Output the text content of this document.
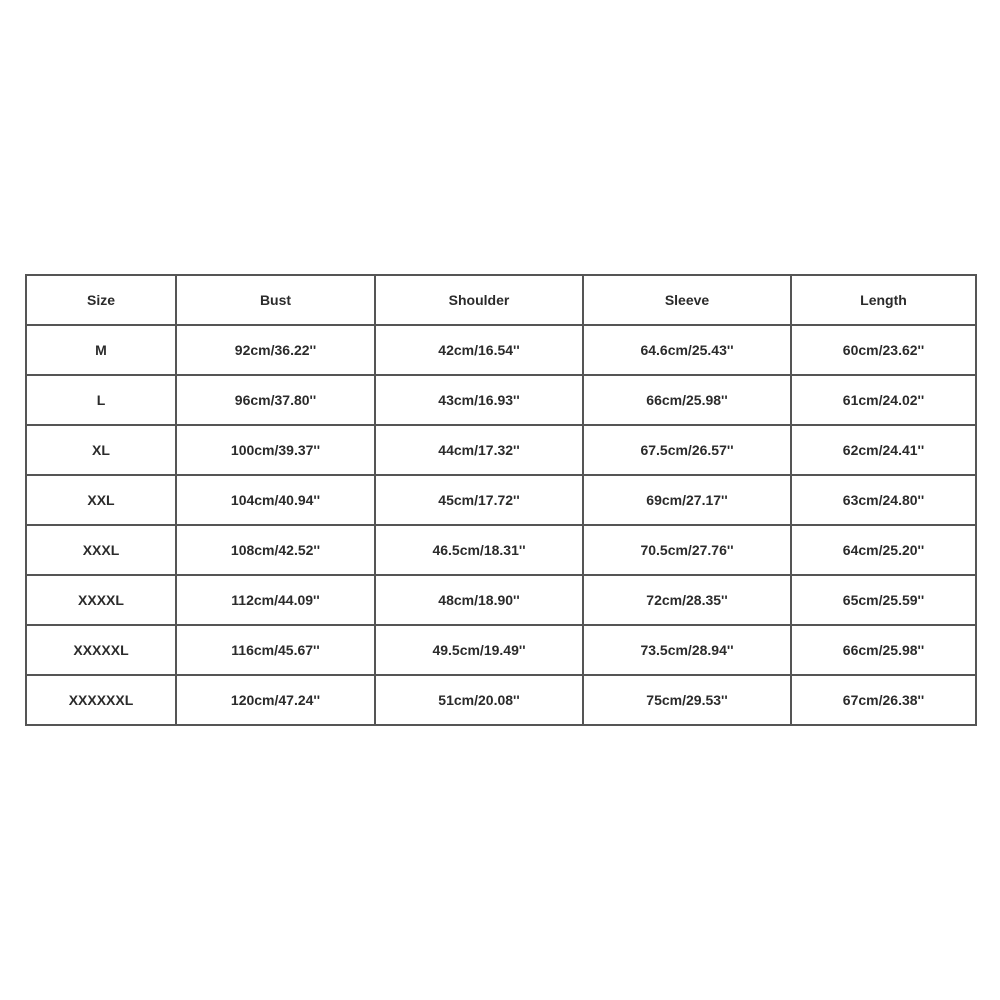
Size	Bust	Shoulder	Sleeve	Length
M	92cm/36.22''	42cm/16.54''	64.6cm/25.43''	60cm/23.62''
L	96cm/37.80''	43cm/16.93''	66cm/25.98''	61cm/24.02''
XL	100cm/39.37''	44cm/17.32''	67.5cm/26.57''	62cm/24.41''
XXL	104cm/40.94''	45cm/17.72''	69cm/27.17''	63cm/24.80''
XXXL	108cm/42.52''	46.5cm/18.31''	70.5cm/27.76''	64cm/25.20''
XXXXL	112cm/44.09''	48cm/18.90''	72cm/28.35''	65cm/25.59''
XXXXXL	116cm/45.67''	49.5cm/19.49''	73.5cm/28.94''	66cm/25.98''
XXXXXXL	120cm/47.24''	51cm/20.08''	75cm/29.53''	67cm/26.38''
